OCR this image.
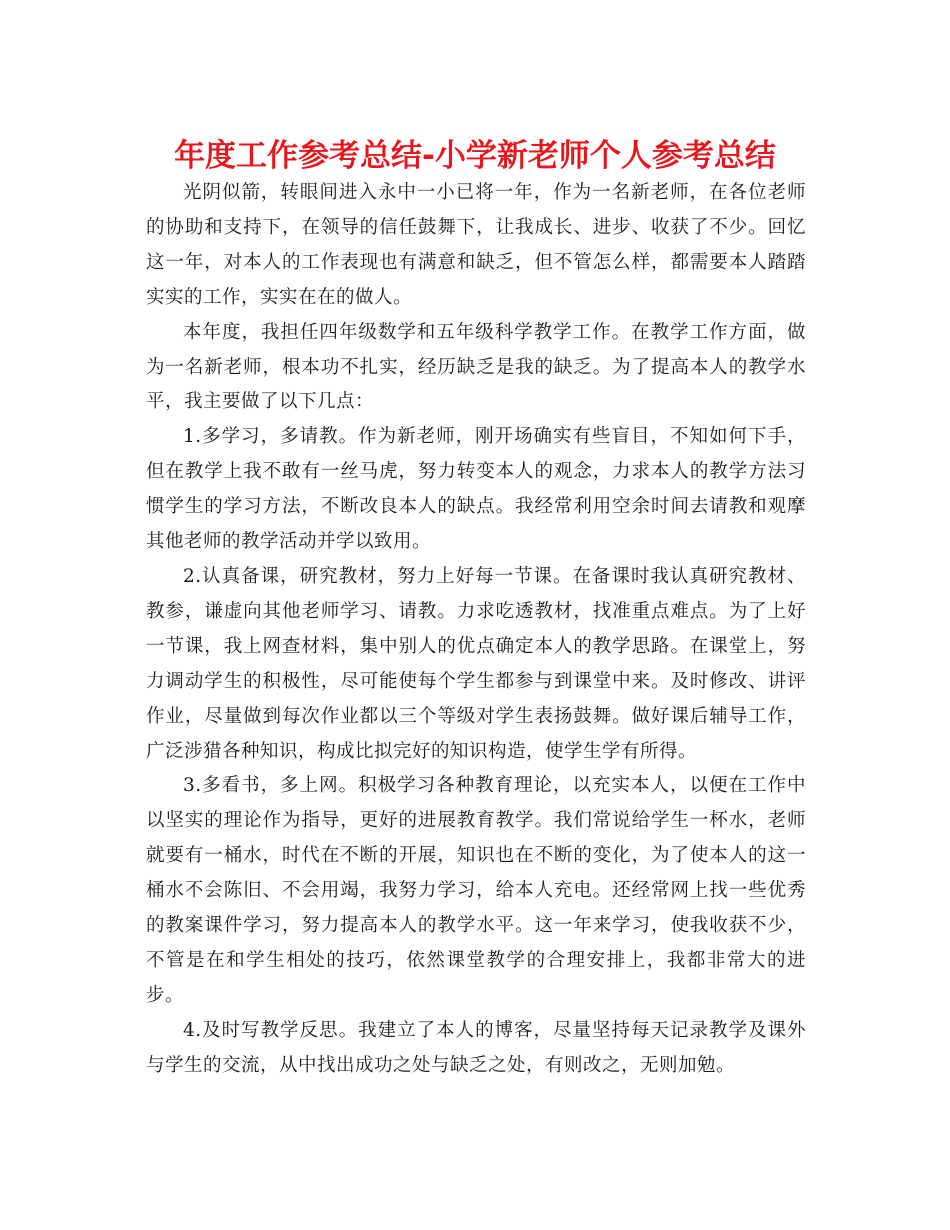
年度工作参考总结-小学新老师个人参考总结

光阴似箭，转眼间进入永中一小已将一年，作为一名新老师，在各位老师的协助和支持下，在领导的信任鼓舞下，让我成长、进步、收获了不少。回忆这一年，对本人的工作表现也有满意和缺乏，但不管怎么样，都需要本人踏踏实实的工作，实实在在的做人。

本年度，我担任四年级数学和五年级科学教学工作。在教学工作方面，做为一名新老师，根本功不扎实，经历缺乏是我的缺乏。为了提高本人的教学水平，我主要做了以下几点：

1.多学习，多请教。作为新老师，刚开场确实有些盲目，不知如何下手，但在教学上我不敢有一丝马虎，努力转变本人的观念，力求本人的教学方法习惯学生的学习方法，不断改良本人的缺点。我经常利用空余时间去请教和观摩其他老师的教学活动并学以致用。

2.认真备课，研究教材，努力上好每一节课。在备课时我认真研究教材、教参，谦虚向其他老师学习、请教。力求吃透教材，找准重点难点。为了上好一节课，我上网查材料，集中别人的优点确定本人的教学思路。在课堂上，努力调动学生的积极性，尽可能使每个学生都参与到课堂中来。及时修改、讲评作业，尽量做到每次作业都以三个等级对学生表扬鼓舞。做好课后辅导工作，广泛涉猎各种知识，构成比拟完好的知识构造，使学生学有所得。

3.多看书，多上网。积极学习各种教育理论，以充实本人，以便在工作中以坚实的理论作为指导，更好的进展教育教学。我们常说给学生一杯水，老师就要有一桶水，时代在不断的开展，知识也在不断的变化，为了使本人的这一桶水不会陈旧、不会用竭，我努力学习，给本人充电。还经常网上找一些优秀的教案课件学习，努力提高本人的教学水平。这一年来学习，使我收获不少，不管是在和学生相处的技巧，依然课堂教学的合理安排上，我都非常大的进步。

4.及时写教学反思。我建立了本人的博客，尽量坚持每天记录教学及课外与学生的交流，从中找出成功之处与缺乏之处，有则改之，无则加勉。
